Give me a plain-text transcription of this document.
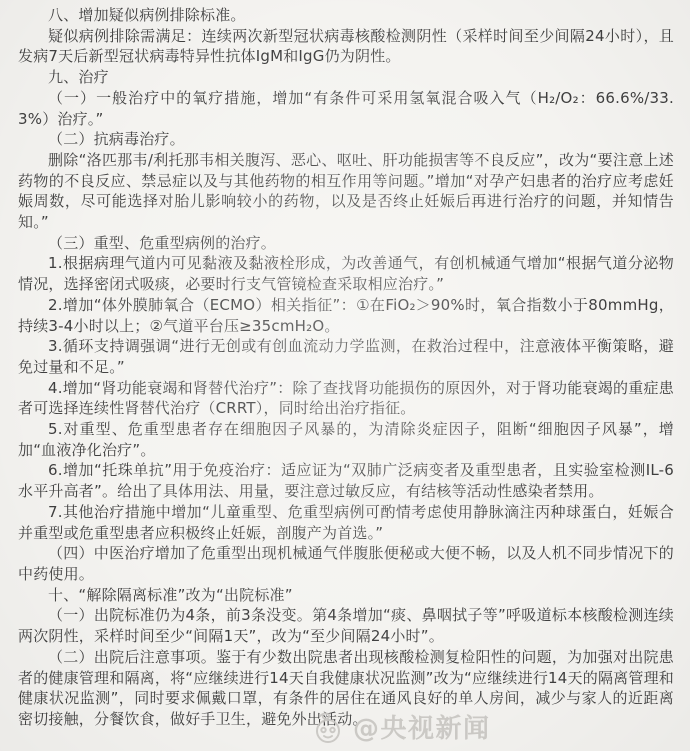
八、增加疑似病例排除标准。

疑似病例排除需满足：连续两次新型冠状病毒核酸检测阴性（采样时间至少间隔24小时），且发病7天后新型冠状病毒特异性抗体IgM和IgG仍为阴性。

九、治疗

（一）一般治疗中的氧疗措施，增加“有条件可采用氢氧混合吸入气（H₂/O₂：66.6%/33.3%）治疗。”

（二）抗病毒治疗。

删除“洛匹那韦/利托那韦相关腹泻、恶心、呕吐、肝功能损害等不良反应”，改为“要注意上述药物的不良反应、禁忌症以及与其他药物的相互作用等问题。”增加“对孕产妇患者的治疗应考虑妊娠周数，尽可能选择对胎儿影响较小的药物，以及是否终止妊娠后再进行治疗的问题，并知情告知。”

（三）重型、危重型病例的治疗。

1.根据病理气道内可见黏液及黏液栓形成，为改善通气，有创机械通气增加“根据气道分泌物情况，选择密闭式吸痰，必要时行支气管镜检查采取相应治疗。”

2.增加“体外膜肺氧合（ECMO）相关指征”：①在FiO₂＞90%时，氧合指数小于80mmHg，持续3-4小时以上；②气道平台压≥35cmH₂O。

3.循环支持调强调“进行无创或有创血流动力学监测，在救治过程中，注意液体平衡策略，避免过量和不足。”

4.增加“肾功能衰竭和肾替代治疗”：除了查找肾功能损伤的原因外，对于肾功能衰竭的重症患者可选择连续性肾替代治疗（CRRT），同时给出治疗指征。

5.对重型、危重型患者存在细胞因子风暴的，为清除炎症因子，阻断“细胞因子风暴”，增加“血液净化治疗”。

6.增加“托珠单抗”用于免疫治疗：适应证为“双肺广泛病变者及重型患者，且实验室检测IL-6水平升高者”。给出了具体用法、用量，要注意过敏反应，有结核等活动性感染者禁用。

7.其他治疗措施中增加“儿童重型、危重型病例可酌情考虑使用静脉滴注丙种球蛋白，妊娠合并重型或危重型患者应积极终止妊娠，剖腹产为首选。”

（四）中医治疗增加了危重型出现机械通气伴腹胀便秘或大便不畅，以及人机不同步情况下的中药使用。

十、“解除隔离标准”改为“出院标准”

（一）出院标准仍为4条，前3条没变。第4条增加“痰、鼻咽拭子等”呼吸道标本核酸检测连续两次阴性，采样时间至少“间隔1天”，改为“至少间隔24小时”。

（二）出院后注意事项。鉴于有少数出院患者出现核酸检测复检阳性的问题，为加强对出院患者的健康管理和隔离，将“应继续进行14天自我健康状况监测”改为“应继续进行14天的隔离管理和健康状况监测”，同时要求佩戴口罩，有条件的居住在通风良好的单人房间，减少与家人的近距离密切接触，分餐饮食，做好手卫生，避免外出活动。

@央视新闻
